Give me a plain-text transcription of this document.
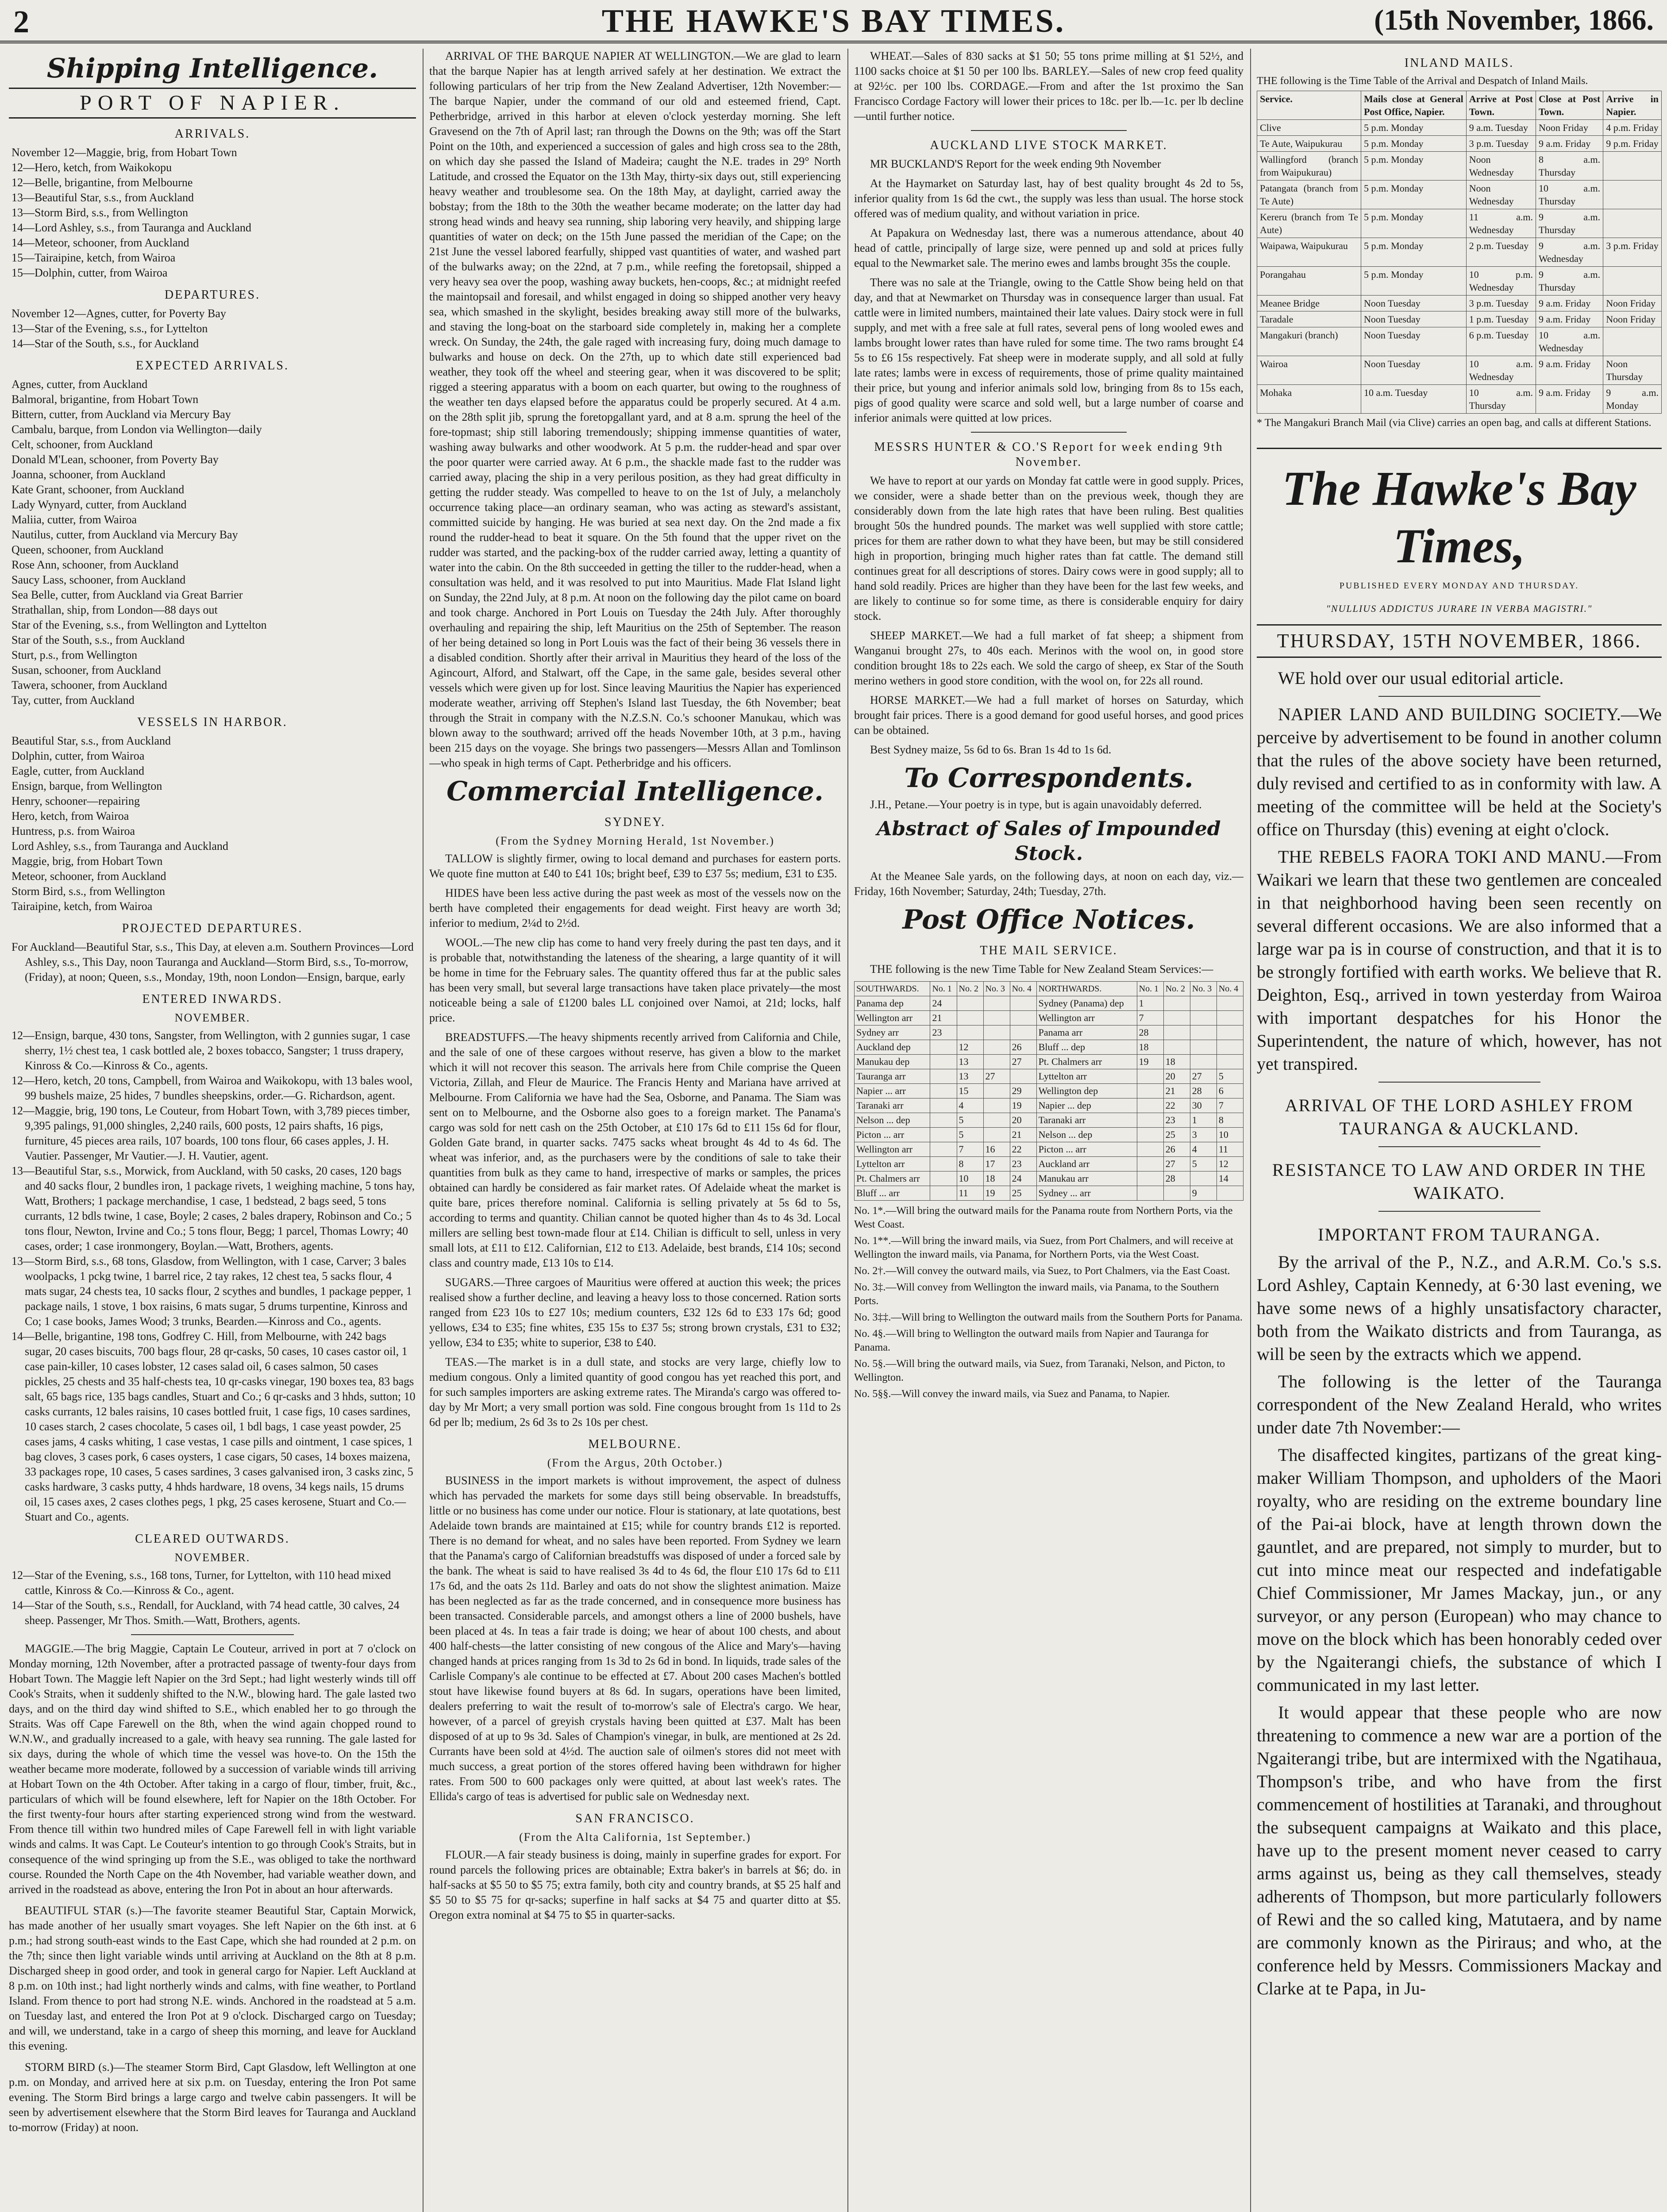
2	THE HAWKE'S BAY TIMES.	(15th November, 1866.
Shipping Intelligence.
PORT OF NAPIER.
ARRIVALS.
November 12—Maggie, brig, from Hobart Town
12—Hero, ketch, from Waikokopu
12—Belle, brigantine, from Melbourne
13—Beautiful Star, s.s., from Auckland
13—Storm Bird, s.s., from Wellington
14—Lord Ashley, s.s., from Tauranga and Auckland
14—Meteor, schooner, from Auckland
15—Tairaipine, ketch, from Wairoa
15—Dolphin, cutter, from Wairoa
DEPARTURES.
November 12—Agnes, cutter, for Poverty Bay
13—Star of the Evening, s.s., for Lyttelton
14—Star of the South, s.s., for Auckland
EXPECTED ARRIVALS.
Agnes, cutter, from Auckland
Balmoral, brigantine, from Hobart Town
Bittern, cutter, from Auckland via Mercury Bay
Cambalu, barque, from London via Wellington—daily
Celt, schooner, from Auckland
Donald M'Lean, schooner, from Poverty Bay
Joanna, schooner, from Auckland
Kate Grant, schooner, from Auckland
Lady Wynyard, cutter, from Auckland
Maliia, cutter, from Wairoa
Nautilus, cutter, from Auckland via Mercury Bay
Queen, schooner, from Auckland
Rose Ann, schooner, from Auckland
Saucy Lass, schooner, from Auckland
Sea Belle, cutter, from Auckland via Great Barrier
Strathallan, ship, from London—88 days out
Star of the Evening, s.s., from Wellington and Lyttelton
Star of the South, s.s., from Auckland
Sturt, p.s., from Wellington
Susan, schooner, from Auckland
Tawera, schooner, from Auckland
Tay, cutter, from Auckland
VESSELS IN HARBOR.
Beautiful Star, s.s., from Auckland
Dolphin, cutter, from Wairoa
Eagle, cutter, from Auckland
Ensign, barque, from Wellington
Henry, schooner—repairing
Hero, ketch, from Wairoa
Huntress, p.s. from Wairoa
Lord Ashley, s.s., from Tauranga and Auckland
Maggie, brig, from Hobart Town
Meteor, schooner, from Auckland
Storm Bird, s.s., from Wellington
Tairaipine, ketch, from Wairoa
PROJECTED DEPARTURES.
For Auckland—Beautiful Star, s.s., This Day, at eleven a.m. Southern Provinces—Lord Ashley, s.s., This Day, noon Tauranga and Auckland—Storm Bird, s.s., To-morrow, (Friday), at noon; Queen, s.s., Monday, 19th, noon London—Ensign, barque, early
ENTERED INWARDS.
NOVEMBER.
12—Ensign, barque, 430 tons, Sangster, from Wellington, with 2 gunnies sugar, 1 case sherry, 1½ chest tea, 1 cask bottled ale, 2 boxes tobacco, Sangster; 1 truss drapery, Kinross & Co.—Kinross & Co., agents.
12—Hero, ketch, 20 tons, Campbell, from Wairoa and Waikokopu, with 13 bales wool, 99 bushels maize, 25 hides, 7 bundles sheepskins, order.—G. Richardson, agent.
12—Maggie, brig, 190 tons, Le Couteur, from Hobart Town, with 3,789 pieces timber, 9,395 palings, 91,000 shingles, 2,240 rails, 600 posts, 12 pairs shafts, 16 pigs, furniture, 45 pieces area rails, 107 boards, 100 tons flour, 66 cases apples, J. H. Vautier. Passenger, Mr Vautier.—J. H. Vautier, agent.
13—Beautiful Star, s.s., Morwick, from Auckland, with 50 casks, 20 cases, 120 bags and 40 sacks flour, 2 bundles iron, 1 package rivets, 1 weighing machine, 5 tons hay, Watt, Brothers; 1 package merchandise, 1 case, 1 bedstead, 2 bags seed, 5 tons currants, 12 bdls twine, 1 case, Boyle; 2 cases, 2 bales drapery, Robinson and Co.; 5 tons flour, Newton, Irvine and Co.; 5 tons flour, Begg; 1 parcel, Thomas Lowry; 40 cases, order; 1 case ironmongery, Boylan.—Watt, Brothers, agents.
13—Storm Bird, s.s., 68 tons, Glasdow, from Wellington, with 1 case, Carver; 3 bales woolpacks, 1 pckg twine, 1 barrel rice, 2 tay rakes, 12 chest tea, 5 sacks flour, 4 mats sugar, 24 chests tea, 10 sacks flour, 2 scythes and bundles, 1 package pepper, 1 package nails, 1 stove, 1 box raisins, 6 mats sugar, 5 drums turpentine, Kinross and Co; 1 case books, James Wood; 3 trunks, Bearden.—Kinross and Co., agents.
14—Belle, brigantine, 198 tons, Godfrey C. Hill, from Melbourne, with 242 bags sugar, 20 cases biscuits, 700 bags flour, 28 qr-casks, 50 cases, 10 cases castor oil, 1 case pain-killer, 10 cases lobster, 12 cases salad oil, 6 cases salmon, 50 cases pickles, 25 chests and 35 half-chests tea, 10 qr-casks vinegar, 190 boxes tea, 83 bags salt, 65 bags rice, 135 bags candles, Stuart and Co.; 6 qr-casks and 3 hhds, sutton; 10 casks currants, 12 bales raisins, 10 cases bottled fruit, 1 case figs, 10 cases sardines, 10 cases starch, 2 cases chocolate, 5 cases oil, 1 bdl bags, 1 case yeast powder, 25 cases jams, 4 casks whiting, 1 case vestas, 1 case pills and ointment, 1 case spices, 1 bag cloves, 3 cases pork, 6 cases oysters, 1 case cigars, 50 cases, 14 boxes maizena, 33 packages rope, 10 cases, 5 cases sardines, 3 cases galvanised iron, 3 casks zinc, 5 casks hardware, 3 casks putty, 4 hhds hardware, 18 ovens, 34 kegs nails, 15 drums oil, 15 cases axes, 2 cases clothes pegs, 1 pkg, 25 cases kerosene, Stuart and Co.—Stuart and Co., agents.
CLEARED OUTWARDS.
NOVEMBER.
12—Star of the Evening, s.s., 168 tons, Turner, for Lyttelton, with 110 head mixed cattle, Kinross & Co.—Kinross & Co., agent.
14—Star of the South, s.s., Rendall, for Auckland, with 74 head cattle, 30 calves, 24 sheep. Passenger, Mr Thos. Smith.—Watt, Brothers, agents.

MAGGIE.—The brig Maggie, Captain Le Couteur, arrived in port at 7 o'clock on Monday morning, 12th November, after a protracted passage of twenty-four days from Hobart Town. The Maggie left Napier on the 3rd Sept.; had light westerly winds till off Cook's Straits, when it suddenly shifted to the N.W., blowing hard. The gale lasted two days, and on the third day wind shifted to S.E., which enabled her to go through the Straits. Was off Cape Farewell on the 8th, when the wind again chopped round to W.N.W., and gradually increased to a gale, with heavy sea running. The gale lasted for six days, during the whole of which time the vessel was hove-to. On the 15th the weather became more moderate, followed by a succession of variable winds till arriving at Hobart Town on the 4th October. After taking in a cargo of flour, timber, fruit, &c., particulars of which will be found elsewhere, left for Napier on the 18th October. For the first twenty-four hours after starting experienced strong wind from the westward. From thence till within two hundred miles of Cape Farewell fell in with light variable winds and calms. It was Capt. Le Couteur's intention to go through Cook's Straits, but in consequence of the wind springing up from the S.E., was obliged to take the northward course. Rounded the North Cape on the 4th November, had variable weather down, and arrived in the roadstead as above, entering the Iron Pot in about an hour afterwards.

BEAUTIFUL STAR (s.)—The favorite steamer Beautiful Star, Captain Morwick, has made another of her usually smart voyages. She left Napier on the 6th inst. at 6 p.m.; had strong south-east winds to the East Cape, which she had rounded at 2 p.m. on the 7th; since then light variable winds until arriving at Auckland on the 8th at 8 p.m. Discharged sheep in good order, and took in general cargo for Napier. Left Auckland at 8 p.m. on 10th inst.; had light northerly winds and calms, with fine weather, to Portland Island. From thence to port had strong N.E. winds. Anchored in the roadstead at 5 a.m. on Tuesday last, and entered the Iron Pot at 9 o'clock. Discharged cargo on Tuesday; and will, we understand, take in a cargo of sheep this morning, and leave for Auckland this evening.

STORM BIRD (s.)—The steamer Storm Bird, Capt Glasdow, left Wellington at one p.m. on Monday, and arrived here at six p.m. on Tuesday, entering the Iron Pot same evening. The Storm Bird brings a large cargo and twelve cabin passengers. It will be seen by advertisement elsewhere that the Storm Bird leaves for Tauranga and Auckland to-morrow (Friday) at noon.

ARRIVAL OF THE BARQUE NAPIER AT WELLINGTON.—We are glad to learn that the barque Napier has at length arrived safely at her destination. We extract the following particulars of her trip from the New Zealand Advertiser, 12th November:—The barque Napier, under the command of our old and esteemed friend, Capt. Petherbridge, arrived in this harbor at eleven o'clock yesterday morning. She left Gravesend on the 7th of April last; ran through the Downs on the 9th; was off the Start Point on the 10th, and experienced a succession of gales and high cross sea to the 28th, on which day she passed the Island of Madeira; caught the N.E. trades in 29° North Latitude, and crossed the Equator on the 13th May, thirty-six days out, still experiencing heavy weather and troublesome sea. On the 18th May, at daylight, carried away the bobstay; from the 18th to the 30th the weather became moderate; on the latter day had strong head winds and heavy sea running, ship laboring very heavily, and shipping large quantities of water on deck; on the 15th June passed the meridian of the Cape; on the 21st June the vessel labored fearfully, shipped vast quantities of water, and washed part of the bulwarks away; on the 22nd, at 7 p.m., while reefing the foretopsail, shipped a very heavy sea over the poop, washing away buckets, hen-coops, &c.; at midnight reefed the maintopsail and foresail, and whilst engaged in doing so shipped another very heavy sea, which smashed in the skylight, besides breaking away still more of the bulwarks, and staving the long-boat on the starboard side completely in, making her a complete wreck. On Sunday, the 24th, the gale raged with increasing fury, doing much damage to bulwarks and house on deck. On the 27th, up to which date still experienced bad weather, they took off the wheel and steering gear, when it was discovered to be split; rigged a steering apparatus with a boom on each quarter, but owing to the roughness of the weather ten days elapsed before the apparatus could be properly secured. At 4 a.m. on the 28th split jib, sprung the foretopgallant yard, and at 8 a.m. sprung the heel of the fore-topmast; ship still laboring tremendously; shipping immense quantities of water, washing away bulwarks and other woodwork. At 5 p.m. the rudder-head and spar over the poor quarter were carried away. At 6 p.m., the shackle made fast to the rudder was carried away, placing the ship in a very perilous position, as they had great difficulty in getting the rudder steady. Was compelled to heave to on the 1st of July, a melancholy occurrence taking place—an ordinary seaman, who was acting as steward's assistant, committed suicide by hanging. He was buried at sea next day. On the 2nd made a fix round the rudder-head to beat it square. On the 5th found that the upper rivet on the rudder was started, and the packing-box of the rudder carried away, letting a quantity of water into the cabin. On the 8th succeeded in getting the tiller to the rudder-head, when a consultation was held, and it was resolved to put into Mauritius. Made Flat Island light on Sunday, the 22nd July, at 8 p.m. At noon on the following day the pilot came on board and took charge. Anchored in Port Louis on Tuesday the 24th July. After thoroughly overhauling and repairing the ship, left Mauritius on the 25th of September. The reason of her being detained so long in Port Louis was the fact of their being 36 vessels there in a disabled condition. Shortly after their arrival in Mauritius they heard of the loss of the Agincourt, Alford, and Stalwart, off the Cape, in the same gale, besides several other vessels which were given up for lost. Since leaving Mauritius the Napier has experienced moderate weather, arriving off Stephen's Island last Tuesday, the 6th November; beat through the Strait in company with the N.Z.S.N. Co.'s schooner Manukau, which was blown away to the southward; arrived off the heads November 10th, at 3 p.m., having been 215 days on the voyage. She brings two passengers—Messrs Allan and Tomlinson—who speak in high terms of Capt. Petherbridge and his officers.

Commercial Intelligence.
SYDNEY.
(From the Sydney Morning Herald, 1st November.)

TALLOW is slightly firmer, owing to local demand and purchases for eastern ports. We quote fine mutton at £40 to £41 10s; bright beef, £39 to £37 5s; medium, £31 to £35.

HIDES have been less active during the past week as most of the vessels now on the berth have completed their engagements for dead weight. First heavy are worth 3d; inferior to medium, 2¼d to 2½d.

WOOL.—The new clip has come to hand very freely during the past ten days, and it is probable that, notwithstanding the lateness of the shearing, a large quantity of it will be home in time for the February sales. The quantity offered thus far at the public sales has been very small, but several large transactions have taken place privately—the most noticeable being a sale of £1200 bales LL conjoined over Namoi, at 21d; locks, half price.

BREADSTUFFS.—The heavy shipments recently arrived from California and Chile, and the sale of one of these cargoes without reserve, has given a blow to the market which it will not recover this season. The arrivals here from Chile comprise the Queen Victoria, Zillah, and Fleur de Maurice. The Francis Henty and Mariana have arrived at Melbourne. From California we have had the Sea, Osborne, and Panama. The Siam was sent on to Melbourne, and the Osborne also goes to a foreign market. The Panama's cargo was sold for nett cash on the 25th October, at £10 17s 6d to £11 15s 6d for flour, Golden Gate brand, in quarter sacks. 7475 sacks wheat brought 4s 4d to 4s 6d. The wheat was inferior, and, as the purchasers were by the conditions of sale to take their quantities from bulk as they came to hand, irrespective of marks or samples, the prices obtained can hardly be considered as fair market rates. Of Adelaide wheat the market is quite bare, prices therefore nominal. California is selling privately at 5s 6d to 5s, according to terms and quantity. Chilian cannot be quoted higher than 4s to 4s 3d. Local millers are selling best town-made flour at £14. Chilian is difficult to sell, unless in very small lots, at £11 to £12. Californian, £12 to £13. Adelaide, best brands, £14 10s; second class and country made, £13 10s to £14.

SUGARS.—Three cargoes of Mauritius were offered at auction this week; the prices realised show a further decline, and leaving a heavy loss to those concerned. Ration sorts ranged from £23 10s to £27 10s; medium counters, £32 12s 6d to £33 17s 6d; good yellows, £34 to £35; fine whites, £35 15s to £37 5s; strong brown crystals, £31 to £32; yellow, £34 to £35; white to superior, £38 to £40.

TEAS.—The market is in a dull state, and stocks are very large, chiefly low to medium congous. Only a limited quantity of good congou has yet reached this port, and for such samples importers are asking extreme rates. The Miranda's cargo was offered to-day by Mr Mort; a very small portion was sold. Fine congous brought from 1s 11d to 2s 6d per lb; medium, 2s 6d 3s to 2s 10s per chest.

MELBOURNE.
(From the Argus, 20th October.)

BUSINESS in the import markets is without improvement, the aspect of dulness which has pervaded the markets for some days still being observable. In breadstuffs, little or no business has come under our notice. Flour is stationary, at late quotations, best Adelaide town brands are maintained at £15; while for country brands £12 is reported. There is no demand for wheat, and no sales have been reported. From Sydney we learn that the Panama's cargo of Californian breadstuffs was disposed of under a forced sale by the bank. The wheat is said to have realised 3s 4d to 4s 6d, the flour £10 17s 6d to £11 17s 6d, and the oats 2s 11d. Barley and oats do not show the slightest animation. Maize has been neglected as far as the trade concerned, and in consequence more business has been transacted. Considerable parcels, and amongst others a line of 2000 bushels, have been placed at 4s. In teas a fair trade is doing; we hear of about 100 chests, and about 400 half-chests—the latter consisting of new congous of the Alice and Mary's—having changed hands at prices ranging from 1s 3d to 2s 6d in bond. In liquids, trade sales of the Carlisle Company's ale continue to be effected at £7. About 200 cases Machen's bottled stout have likewise found buyers at 8s 6d. In sugars, operations have been limited, dealers preferring to wait the result of to-morrow's sale of Electra's cargo. We hear, however, of a parcel of greyish crystals having been quitted at £37. Malt has been disposed of at up to 9s 3d. Sales of Champion's vinegar, in bulk, are mentioned at 2s 2d. Currants have been sold at 4½d. The auction sale of oilmen's stores did not meet with much success, a great portion of the stores offered having been withdrawn for higher rates. From 500 to 600 packages only were quitted, at about last week's rates. The Ellida's cargo of teas is advertised for public sale on Wednesday next.

SAN FRANCISCO.
(From the Alta California, 1st September.)

FLOUR.—A fair steady business is doing, mainly in superfine grades for export. For round parcels the following prices are obtainable; Extra baker's in barrels at $6; do. in half-sacks at $5 50 to $5 75; extra family, both city and country brands, at $5 25 half and $5 50 to $5 75 for qr-sacks; superfine in half sacks at $4 75 and quarter ditto at $5. Oregon extra nominal at $4 75 to $5 in quarter-sacks.

WHEAT.—Sales of 830 sacks at $1 50; 55 tons prime milling at $1 52½, and 1100 sacks choice at $1 50 per 100 lbs. BARLEY.—Sales of new crop feed quality at 92½c. per 100 lbs. CORDAGE.—From and after the 1st proximo the San Francisco Cordage Factory will lower their prices to 18c. per lb.—1c. per lb decline—until further notice.

AUCKLAND LIVE STOCK MARKET.

MR BUCKLAND'S Report for the week ending 9th November

At the Haymarket on Saturday last, hay of best quality brought 4s 2d to 5s, inferior quality from 1s 6d the cwt., the supply was less than usual. The horse stock offered was of medium quality, and without variation in price.

At Papakura on Wednesday last, there was a numerous attendance, about 40 head of cattle, principally of large size, were penned up and sold at prices fully equal to the Newmarket sale. The merino ewes and lambs brought 35s the couple.

There was no sale at the Triangle, owing to the Cattle Show being held on that day, and that at Newmarket on Thursday was in consequence larger than usual. Fat cattle were in limited numbers, maintained their late values. Dairy stock were in full supply, and met with a free sale at full rates, several pens of long wooled ewes and lambs brought lower rates than have ruled for some time. The two rams brought £4 5s to £6 15s respectively. Fat sheep were in moderate supply, and all sold at fully late rates; lambs were in excess of requirements, those of prime quality maintained their price, but young and inferior animals sold low, bringing from 8s to 15s each, pigs of good quality were scarce and sold well, but a large number of coarse and inferior animals were quitted at low prices.

MESSRS HUNTER & CO.'S Report for week ending 9th November.

We have to report at our yards on Monday fat cattle were in good supply. Prices, we consider, were a shade better than on the previous week, though they are considerably down from the late high rates that have been ruling. Best qualities brought 50s the hundred pounds. The market was well supplied with store cattle; prices for them are rather down to what they have been, but may be still considered high in proportion, bringing much higher rates than fat cattle. The demand still continues great for all descriptions of stores. Dairy cows were in good supply; all to hand sold readily. Prices are higher than they have been for the last few weeks, and are likely to continue so for some time, as there is considerable enquiry for dairy stock.

SHEEP MARKET.—We had a full market of fat sheep; a shipment from Wanganui brought 27s, to 40s each. Merinos with the wool on, in good store condition brought 18s to 22s each. We sold the cargo of sheep, ex Star of the South merino wethers in good store condition, with the wool on, for 22s all round.

HORSE MARKET.—We had a full market of horses on Saturday, which brought fair prices. There is a good demand for good useful horses, and good prices can be obtained.

Best Sydney maize, 5s 6d to 6s. Bran 1s 4d to 1s 6d.

To Correspondents.

J.H., Petane.—Your poetry is in type, but is again unavoidably deferred.

Abstract of Sales of Impounded Stock.

At the Meanee Sale yards, on the following days, at noon on each day, viz.—Friday, 16th November; Saturday, 24th; Tuesday, 27th.

Post Office Notices.
THE MAIL SERVICE.

THE following is the new Time Table for New Zealand Steam Services:—

SOUTHWARDS.	No. 1	No. 2	No. 3	No. 4	NORTHWARDS.	No. 1	No. 2	No. 3	No. 4
Panama dep	24				Sydney (Panama) dep	1			
Wellington arr	21				Wellington arr	7			
Sydney arr	23				Panama arr	28			
Auckland dep		12		26	Bluff ... dep	18			
Manukau dep		13		27	Pt. Chalmers arr	19	18		
Tauranga arr		13	27		Lyttelton arr		20	27	5
Napier ... arr		15		29	Wellington dep		21	28	6
Taranaki arr		4		19	Napier ... dep		22	30	7
Nelson ... dep		5		20	Taranaki arr		23	1	8
Picton ... arr		5		21	Nelson ... dep		25	3	10
Wellington arr		7	16	22	Picton ... arr		26	4	11
Lyttelton arr		8	17	23	Auckland arr		27	5	12
Pt. Chalmers arr		10	18	24	Manukau arr		28		14
Bluff ... arr		11	19	25	Sydney ... arr			9	
No. 1*.—Will bring the outward mails for the Panama route from Northern Ports, via the West Coast.
No. 1**.—Will bring the inward mails, via Suez, from Port Chalmers, and will receive at Wellington the inward mails, via Panama, for Northern Ports, via the West Coast.
No. 2†.—Will convey the outward mails, via Suez, to Port Chalmers, via the East Coast.
No. 3‡.—Will convey from Wellington the inward mails, via Panama, to the Southern Ports.
No. 3‡‡.—Will bring to Wellington the outward mails from the Southern Ports for Panama.
No. 4§.—Will bring to Wellington the outward mails from Napier and Tauranga for Panama.
No. 5§.—Will bring the outward mails, via Suez, from Taranaki, Nelson, and Picton, to Wellington.
No. 5§§.—Will convey the inward mails, via Suez and Panama, to Napier.
INLAND MAILS.
THE following is the Time Table of the Arrival and Despatch of Inland Mails.
Service.	Mails close at General Post Office, Napier.	Arrive at Post Town.	Close at Post Town.	Arrive in Napier.
Clive	5 p.m. Monday	9 a.m. Tuesday	Noon Friday	4 p.m. Friday
Te Aute, Waipukurau	5 p.m. Monday	3 p.m. Tuesday	9 a.m. Friday	9 p.m. Friday
Wallingford (branch from Waipukurau)	5 p.m. Monday	Noon Wednesday	8 a.m. Thursday	
Patangata (branch from Te Aute)	5 p.m. Monday	Noon Wednesday	10 a.m. Thursday	
Kereru (branch from Te Aute)	5 p.m. Monday	11 a.m. Wednesday	9 a.m. Thursday	
Waipawa, Waipukurau	5 p.m. Monday	2 p.m. Tuesday	9 a.m. Wednesday	3 p.m. Friday
Porangahau	5 p.m. Monday	10 p.m. Wednesday	9 a.m. Thursday	
Meanee Bridge	Noon Tuesday	3 p.m. Tuesday	9 a.m. Friday	Noon Friday
Taradale	Noon Tuesday	1 p.m. Tuesday	9 a.m. Friday	Noon Friday
Mangakuri (branch)	Noon Tuesday	6 p.m. Tuesday	10 a.m. Wednesday	
Wairoa	Noon Tuesday	10 a.m. Wednesday	9 a.m. Friday	Noon Thursday
Mohaka	10 a.m. Tuesday	10 a.m. Thursday	9 a.m. Friday	9 a.m. Monday
* The Mangakuri Branch Mail (via Clive) carries an open bag, and calls at different Stations.
The Hawke's Bay Times,
PUBLISHED EVERY MONDAY AND THURSDAY.
"NULLIUS ADDICTUS JURARE IN VERBA MAGISTRI."
THURSDAY, 15TH NOVEMBER, 1866.

WE hold over our usual editorial article.

NAPIER LAND AND BUILDING SOCIETY.—We perceive by advertisement to be found in another column that the rules of the above society have been returned, duly revised and certified to as in conformity with law. A meeting of the committee will be held at the Society's office on Thursday (this) evening at eight o'clock.

THE REBELS FAORA TOKI AND MANU.—From Waikari we learn that these two gentlemen are concealed in that neighborhood having been seen recently on several different occasions. We are also informed that a large war pa is in course of construction, and that it is to be strongly fortified with earth works. We believe that R. Deighton, Esq., arrived in town yesterday from Wairoa with important despatches for his Honor the Superintendent, the nature of which, however, has not yet transpired.

ARRIVAL OF THE LORD ASHLEY FROM TAURANGA & AUCKLAND.
RESISTANCE TO LAW AND ORDER IN THE WAIKATO.
IMPORTANT FROM TAURANGA.

By the arrival of the P., N.Z., and A.R.M. Co.'s s.s. Lord Ashley, Captain Kennedy, at 6·30 last evening, we have some news of a highly unsatisfactory character, both from the Waikato districts and from Tauranga, as will be seen by the extracts which we append.

The following is the letter of the Tauranga correspondent of the New Zealand Herald, who writes under date 7th November:—

The disaffected kingites, partizans of the great king-maker William Thompson, and upholders of the Maori royalty, who are residing on the extreme boundary line of the Pai-ai block, have at length thrown down the gauntlet, and are prepared, not simply to murder, but to cut into mince meat our respected and indefatigable Chief Commissioner, Mr James Mackay, jun., or any surveyor, or any person (European) who may chance to move on the block which has been honorably ceded over by the Ngaiterangi chiefs, the substance of which I communicated in my last letter.

It would appear that these people who are now threatening to commence a new war are a portion of the Ngaiterangi tribe, but are intermixed with the Ngatihaua, Thompson's tribe, and who have from the first commencement of hostilities at Taranaki, and throughout the subsequent campaigns at Waikato and this place, have up to the present moment never ceased to carry arms against us, being as they call themselves, steady adherents of Thompson, but more particularly followers of Rewi and the so called king, Matutaera, and by name are commonly known as the Piriraus; and who, at the conference held by Messrs. Commissioners Mackay and Clarke at te Papa, in Ju-
